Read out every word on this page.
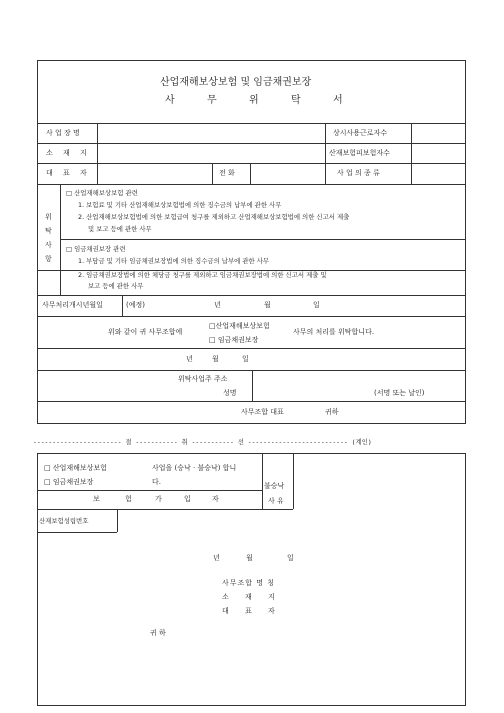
산업재해보상보험 및 임금채권보장
사	무	위	탁	서
사 업 장 명	상시사용근로자수
소 재 지	산재보험피보험자수
대 표 자	전 화	사 업 의 종 류
위
탁
사
항
□ 산업재해보상보험 관련
1. 보험료 및 기타 산업재해보상보험법에 의한 징수금의 납부에 관한 사무
2. 산업재해보상보험법에 의한 보험급여 청구를 제외하고 산업재해보상보험법에 의한 신고서 제출
및 보고 등에 관한 사무
□ 임금채권보장 관련
1. 부담금 및 기타 임금채권보장법에 의한 징수금의 납부에 관한 사무
2. 임금채권보장법에 의한 체당금 청구를 제외하고 임금채권보장법에 의한 신고서 제출 및
보고 등에 관한 사무
사무처리개시년월일	(예정)	년	월	일
위와 같이 귀 사무조합에
□산업재해보상보험
□ 임금채권보장
사무의 처리를 위탁합니다.
년	월	일
위탁사업주 주소
성명	(서명 또는 날인)
사무조합 대표	귀하
----------------------- 절 ----------- 취 ----------- 선 -------------------------- (계인)
□ 산업재해보상보험
□ 임금채권보장
사업을 (승낙 · 불승낙) 합니
다.	불승낙
사 유
보	험	가	입	자
산재보험성립번호
년	월	일
사무조합 명 칭
소 재 지
대 표 자
귀 하
